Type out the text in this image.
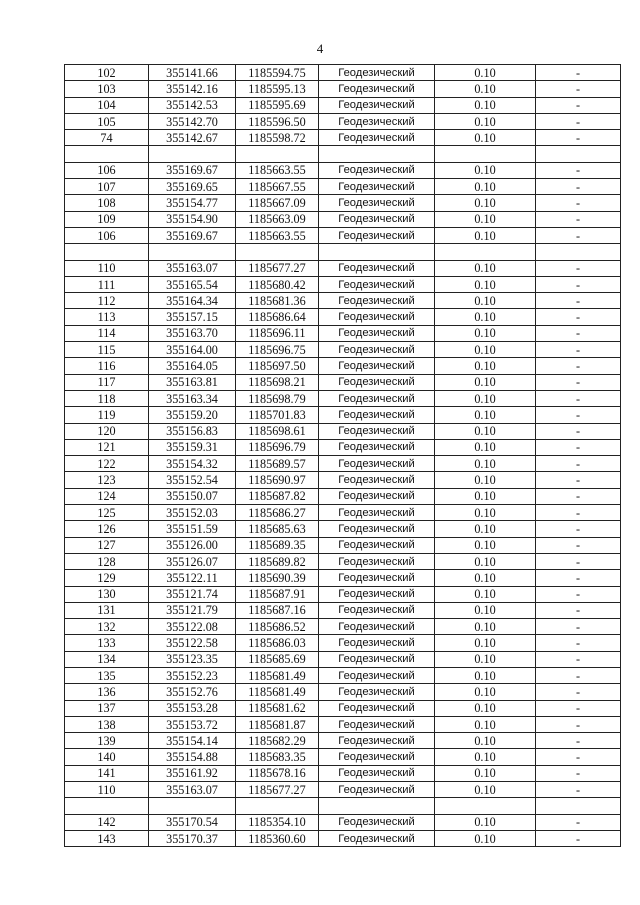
4
102	355141.66	1185594.75	Геодезический	0.10	-
103	355142.16	1185595.13	Геодезический	0.10	-
104	355142.53	1185595.69	Геодезический	0.10	-
105	355142.70	1185596.50	Геодезический	0.10	-
74	355142.67	1185598.72	Геодезический	0.10	-

106	355169.67	1185663.55	Геодезический	0.10	-
107	355169.65	1185667.55	Геодезический	0.10	-
108	355154.77	1185667.09	Геодезический	0.10	-
109	355154.90	1185663.09	Геодезический	0.10	-
106	355169.67	1185663.55	Геодезический	0.10	-

110	355163.07	1185677.27	Геодезический	0.10	-
111	355165.54	1185680.42	Геодезический	0.10	-
112	355164.34	1185681.36	Геодезический	0.10	-
113	355157.15	1185686.64	Геодезический	0.10	-
114	355163.70	1185696.11	Геодезический	0.10	-
115	355164.00	1185696.75	Геодезический	0.10	-
116	355164.05	1185697.50	Геодезический	0.10	-
117	355163.81	1185698.21	Геодезический	0.10	-
118	355163.34	1185698.79	Геодезический	0.10	-
119	355159.20	1185701.83	Геодезический	0.10	-
120	355156.83	1185698.61	Геодезический	0.10	-
121	355159.31	1185696.79	Геодезический	0.10	-
122	355154.32	1185689.57	Геодезический	0.10	-
123	355152.54	1185690.97	Геодезический	0.10	-
124	355150.07	1185687.82	Геодезический	0.10	-
125	355152.03	1185686.27	Геодезический	0.10	-
126	355151.59	1185685.63	Геодезический	0.10	-
127	355126.00	1185689.35	Геодезический	0.10	-
128	355126.07	1185689.82	Геодезический	0.10	-
129	355122.11	1185690.39	Геодезический	0.10	-
130	355121.74	1185687.91	Геодезический	0.10	-
131	355121.79	1185687.16	Геодезический	0.10	-
132	355122.08	1185686.52	Геодезический	0.10	-
133	355122.58	1185686.03	Геодезический	0.10	-
134	355123.35	1185685.69	Геодезический	0.10	-
135	355152.23	1185681.49	Геодезический	0.10	-
136	355152.76	1185681.49	Геодезический	0.10	-
137	355153.28	1185681.62	Геодезический	0.10	-
138	355153.72	1185681.87	Геодезический	0.10	-
139	355154.14	1185682.29	Геодезический	0.10	-
140	355154.88	1185683.35	Геодезический	0.10	-
141	355161.92	1185678.16	Геодезический	0.10	-
110	355163.07	1185677.27	Геодезический	0.10	-

142	355170.54	1185354.10	Геодезический	0.10	-
143	355170.37	1185360.60	Геодезический	0.10	-
